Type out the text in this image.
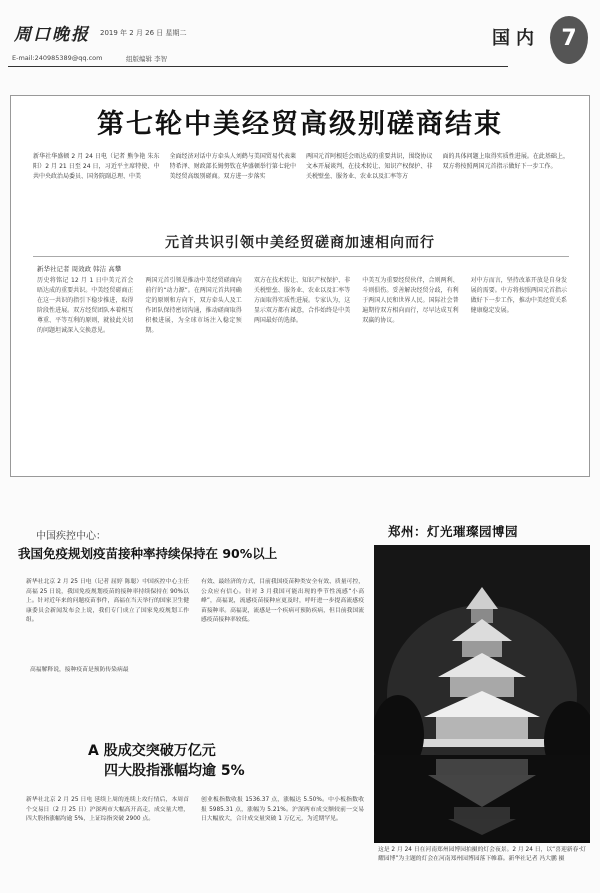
周口晚报 2019 年 2 月 26 日 星期二
E-mail:240985389@qq.com	组版编辑 李智
国内 7
第七轮中美经贸高级别磋商结束

新华社华盛顿 2 月 24 日电（记者 熊争艳 朱东阳）2 月 21 日至 24 日，习近平主席特使、中共中央政治局委员、国务院副总理、中美

全面经济对话中方牵头人刘鹤与美国贸易代表莱特希泽、财政部长姆努钦在华盛顿举行第七轮中美经贸高级别磋商。双方进一步落实

两国元首阿根廷会晤达成的重要共识，围绕协议文本开展谈判，在技术转让、知识产权保护、非关税壁垒、服务业、农业以及汇率等方

面的具体问题上取得实质性进展。在此基础上，双方将按照两国元首指示做好下一步工作。

元首共识引领中美经贸磋商加速相向而行
新华社记者 周效政 韩洁 高攀

历史将铭记 12 月 1 日中美元首会晤达成的重要共识。中美经贸磋商正在这一共识的指引下稳步推进，取得阶段性进展。双方经贸团队本着相互尊重、平等互利的原则，就彼此关切的问题坦诚深入交换意见。

两国元首引领是推动中美经贸磋商向前行的“动力源”。在两国元首共同确定的原则和方向下，双方牵头人及工作团队保持密切沟通，推动磋商取得积极进展，为全球市场注入稳定预期。

双方在技术转让、知识产权保护、非关税壁垒、服务业、农业以及汇率等方面取得实质性进展。专家认为，这显示双方都有诚意，合作始终是中美两国最好的选择。

中美互为重要经贸伙伴，合则两利、斗则俱伤。妥善解决经贸分歧，有利于两国人民和世界人民。国际社会普遍期待双方相向而行，尽早达成互利双赢的协议。

对中方而言，坚持改革开放是自身发展的需要。中方将按照两国元首指示做好下一步工作，推动中美经贸关系健康稳定发展。

中国疾控中心：
我国免疫规划疫苗接种率持续保持在 90%以上

新华社北京 2 月 25 日电（记者 屈婷 陈聪）中国疾控中心主任高福 25 日说，我国免疫规划疫苗的接种率持续保持在 90%以上。针对近年来的问题疫苗事件，高福在当天举行的国家卫生健康委员会新闻发布会上说，我们专门成立了国家免疫规划工作组。

有效、最经济的方式，目前我国疫苗种类安全有效、质量可控，公众应有信心。针对 3 月我国可能出现的季节性流感“小高峰”，高福说，流感疫苗接种应更及时，呼吁进一步提高流感疫苗接种率。高福说，流感是一个疾病可预防疾病，但目前我国流感疫苗接种率较低。

高福解释说，接种疫苗是预防传染病最
A 股成交突破万亿元
四大股指涨幅均逾 5%

新华社北京 2 月 25 日电 延续上周的连续上攻行情后，本周首个交易日（2 月 25 日）沪深两市大幅高开高走，成交量大增，四大股指涨幅均逾 5%，上证综指突破 2900 点。

创业板指数收报 1536.37 点，涨幅达 5.50%。中小板指数收报 5985.31 点，涨幅为 5.21%。沪深两市成交额较前一交易日大幅放大，合计成交量突破 1 万亿元，为近期罕见。

郑州：灯光璀璨园博园
这是 2 月 24 日在河南郑州园博园拍摄的灯会夜景。2 月 24 日，以“喜迎新春·灯耀园博”为主题的灯会在河南郑州园博园落下帷幕。新华社记者 冯大鹏 摄
